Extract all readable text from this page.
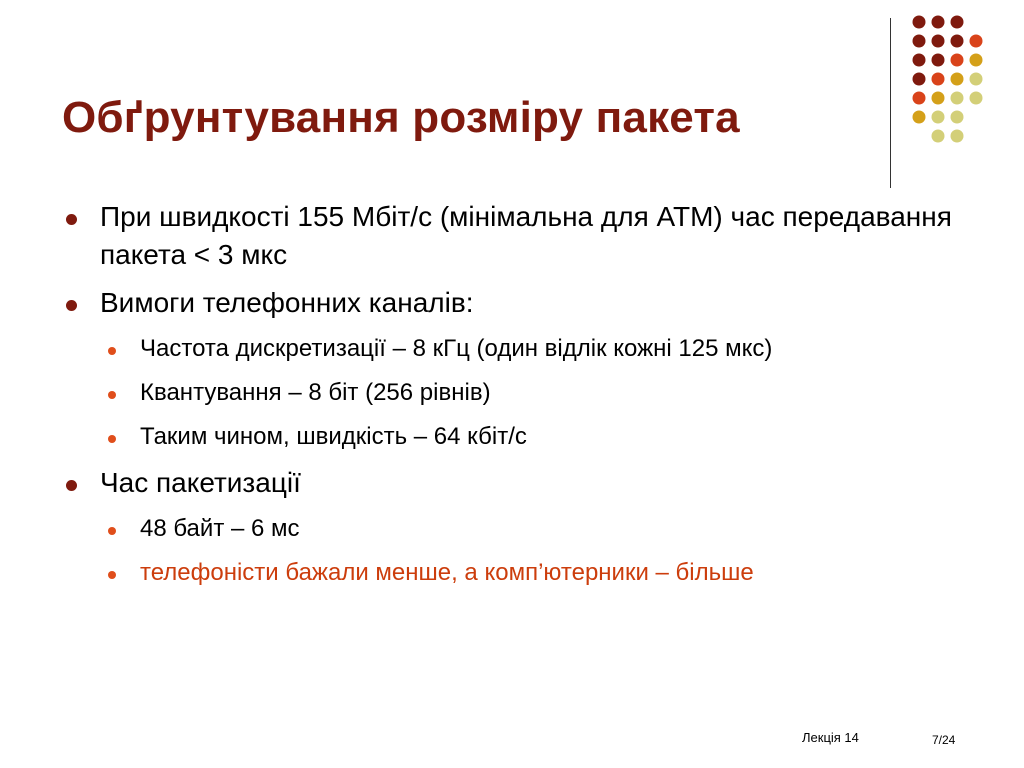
Обґрунтування розміру пакета
При швидкості 155 Мбіт/с (мінімальна для АТМ) час передавання пакета < 3 мкс
Вимоги телефонних каналів:
Частота дискретизації – 8 кГц (один відлік кожні 125 мкс)
Квантування – 8 біт (256 рівнів)
Таким чином, швидкість – 64 кбіт/с
Час пакетизації
48 байт – 6 мс
телефоністи бажали менше, а комп’ютерники – більше
Лекція 14	7/24
